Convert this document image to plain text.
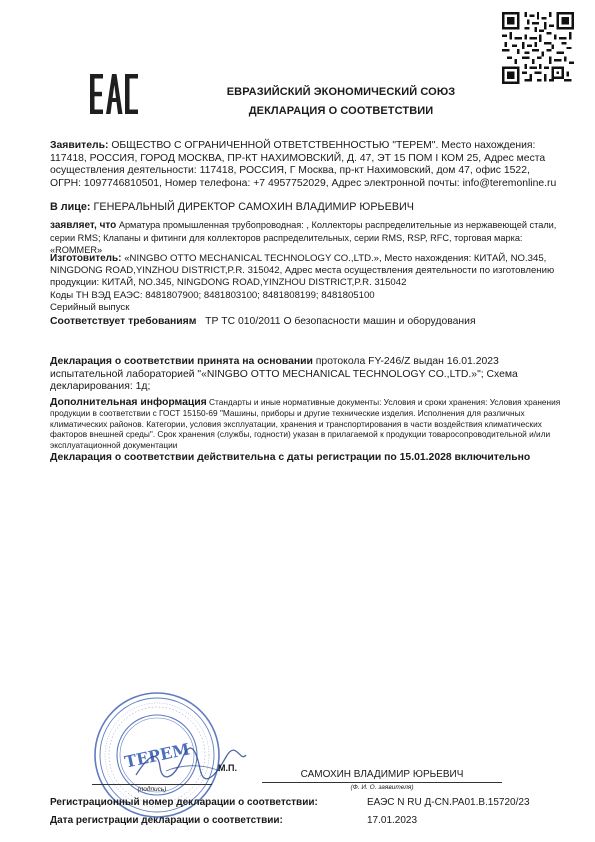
ЕВРАЗИЙСКИЙ ЭКОНОМИЧЕСКИЙ СОЮЗ
ДЕКЛАРАЦИЯ О СООТВЕТСТВИИ
Заявитель: ОБЩЕСТВО С ОГРАНИЧЕННОЙ ОТВЕТСТВЕННОСТЬЮ "ТЕРЕМ". Место нахождения: 117418, РОССИЯ, ГОРОД МОСКВА, ПР-КТ НАХИМОВСКИЙ, Д. 47, ЭТ 15 ПОМ I КОМ 25, Адрес места осуществления деятельности: 117418, РОССИЯ, Г Москва, пр-кт Нахимовский, дом 47, офис 1522, ОГРН: 1097746810501, Номер телефона: +7 4957752029, Адрес электронной почты: info@teremonline.ru
В лице: ГЕНЕРАЛЬНЫЙ ДИРЕКТОР САМОХИН ВЛАДИМИР ЮРЬЕВИЧ
заявляет, что Арматура промышленная трубопроводная: , Коллекторы распределительные из нержавеющей стали, серии RMS; Клапаны и фитинги для коллекторов распределительных, серии RMS, RSP, RFC, торговая марка: «ROMMER»
Изготовитель: «NINGBO OTTO MECHANICAL TECHNOLOGY CO.,LTD.», Место нахождения: КИТАЙ, NO.345, NINGDONG ROAD,YINZHOU DISTRICT,P.R. 315042, Адрес места осуществления деятельности по изготовлению продукции: КИТАЙ, NO.345, NINGDONG ROAD,YINZHOU DISTRICT,P.R. 315042
Коды ТН ВЭД ЕАЭС: 8481807900; 8481803100; 8481808199; 8481805100
Серийный выпуск
Соответствует требованиям ТР ТС 010/2011 О безопасности машин и оборудования
Декларация о соответствии принята на основании протокола FY-246/Z выдан 16.01.2023 испытательной лабораторией "«NINGBO OTTO MECHANICAL TECHNOLOGY CO.,LTD.»"; Схема декларирования: 1д;
Дополнительная информация Стандарты и иные нормативные документы: Условия и сроки хранения: Условия хранения продукции в соответствии с ГОСТ 15150-69 "Машины, приборы и другие технические изделия. Исполнения для различных климатических районов. Категории, условия эксплуатации, хранения и транспортирования в части воздействия климатических факторов внешней среды". Срок хранения (службы, годности) указан в прилагаемой к продукции товаросопроводительной и/или эксплуатационной документации
Декларация о соответствии действительна с даты регистрации по 15.01.2028 включительно
ТЕРЕМ
(подпись)
М.П.
САМОХИН ВЛАДИМИР ЮРЬЕВИЧ
(Ф. И. О. заявителя)
Регистрационный номер декларации о соответствии:	ЕАЭС N RU Д-CN.PA01.B.15720/23
Дата регистрации декларации о соответствии:	17.01.2023
